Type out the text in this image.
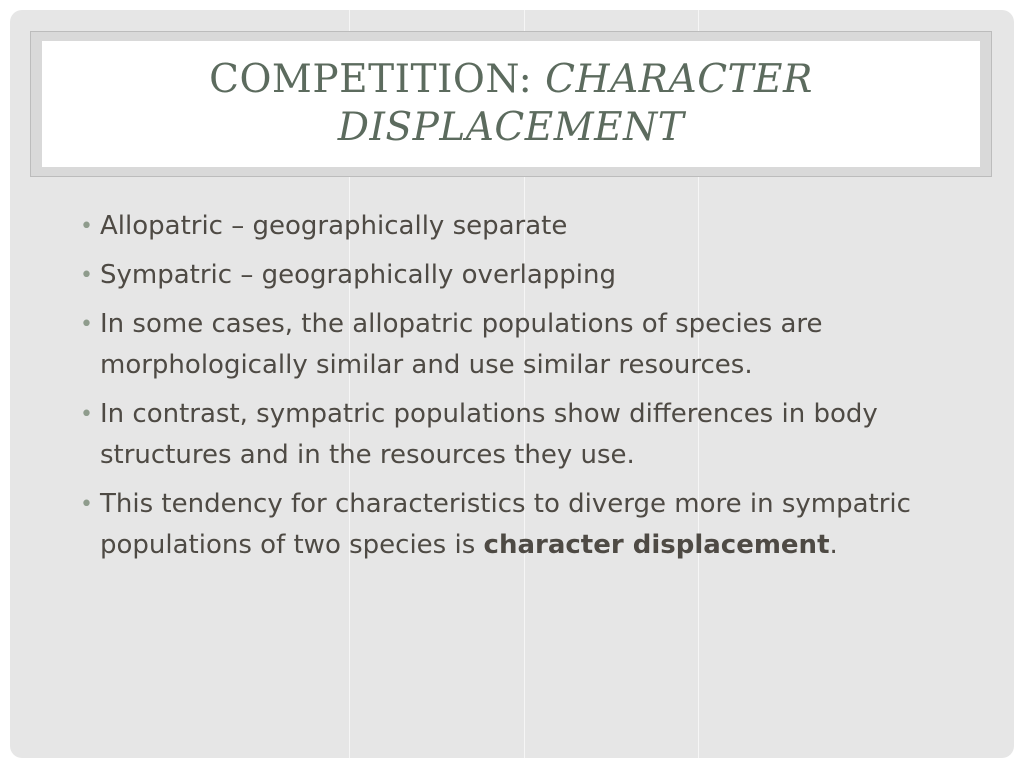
COMPETITION: CHARACTER DISPLACEMENT
• Allopatric – geographically separate
• Sympatric – geographically overlapping
• In some cases, the allopatric populations of species are morphologically similar and use similar resources.
• In contrast, sympatric populations show differences in body structures and in the resources they use.
• This tendency for characteristics to diverge more in sympatric populations of two species is character displacement.
